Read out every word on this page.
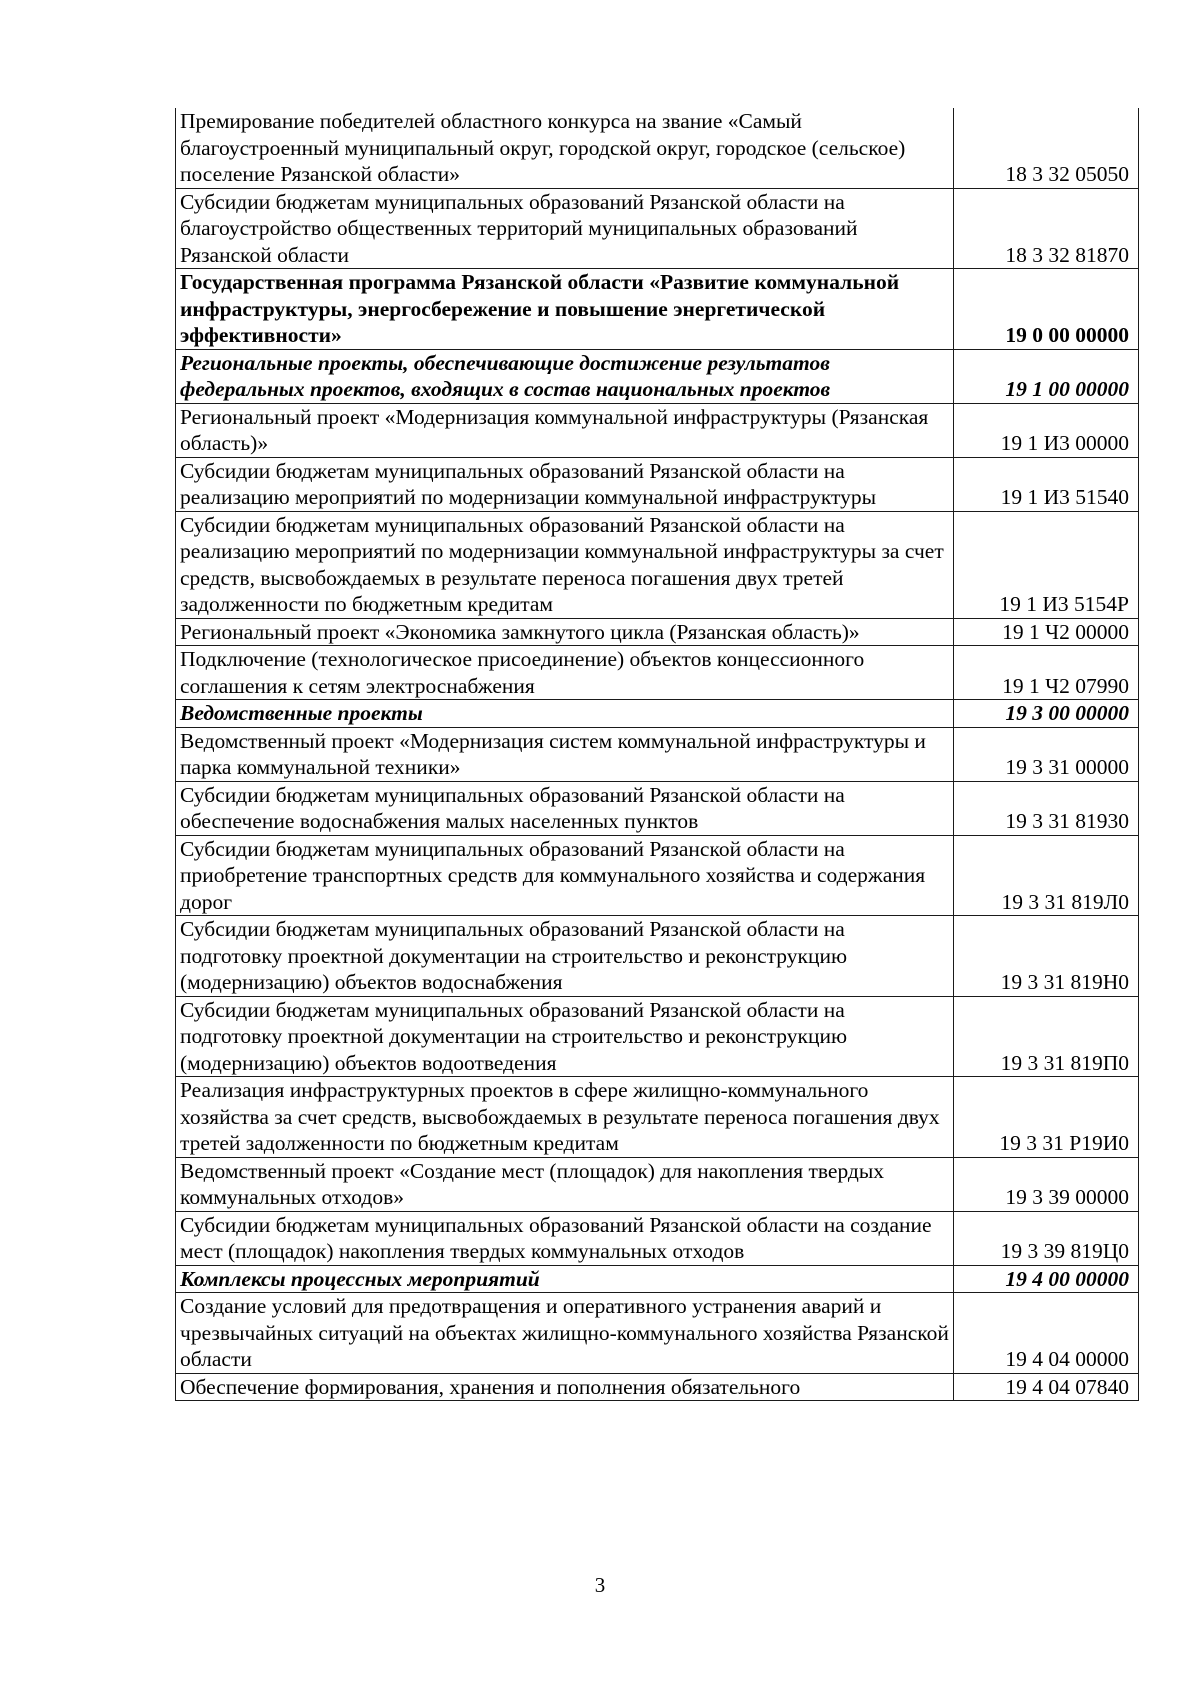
Премирование победителей областного конкурса на звание «Самый благоустроенный муниципальный округ, городской округ, городское (сельское) поселение Рязанской области»	18 3 32 05050
Субсидии бюджетам муниципальных образований Рязанской области на благоустройство общественных территорий муниципальных образований Рязанской области	18 3 32 81870
Государственная программа Рязанской области «Развитие коммунальной инфраструктуры, энергосбережение и повышение энергетической эффективности»	19 0 00 00000
Региональные проекты, обеспечивающие достижение результатов федеральных проектов, входящих в состав национальных проектов	19 1 00 00000
Региональный проект «Модернизация коммунальной инфраструктуры (Рязанская область)»	19 1 И3 00000
Субсидии бюджетам муниципальных образований Рязанской области на реализацию мероприятий по модернизации коммунальной инфраструктуры	19 1 И3 51540
Субсидии бюджетам муниципальных образований Рязанской области на реализацию мероприятий по модернизации коммунальной инфраструктуры за счет средств, высвобождаемых в результате переноса погашения двух третей задолженности по бюджетным кредитам	19 1 И3 5154Р
Региональный проект «Экономика замкнутого цикла (Рязанская область)»	19 1 Ч2 00000
Подключение (технологическое присоединение) объектов концессионного соглашения к сетям электроснабжения	19 1 Ч2 07990
Ведомственные проекты	19 3 00 00000
Ведомственный проект «Модернизация систем коммунальной инфраструктуры и парка коммунальной техники»	19 3 31 00000
Субсидии бюджетам муниципальных образований Рязанской области на обеспечение водоснабжения малых населенных пунктов	19 3 31 81930
Субсидии бюджетам муниципальных образований Рязанской области на приобретение транспортных средств для коммунального хозяйства и содержания дорог	19 3 31 819Л0
Субсидии бюджетам муниципальных образований Рязанской области на подготовку проектной документации на строительство и реконструкцию (модернизацию) объектов водоснабжения	19 3 31 819Н0
Субсидии бюджетам муниципальных образований Рязанской области на подготовку проектной документации на строительство и реконструкцию (модернизацию) объектов водоотведения	19 3 31 819П0
Реализация инфраструктурных проектов в сфере жилищно-коммунального хозяйства за счет средств, высвобождаемых в результате переноса погашения двух третей задолженности по бюджетным кредитам	19 3 31 Р19И0
Ведомственный проект «Создание мест (площадок) для накопления твердых коммунальных отходов»	19 3 39 00000
Субсидии бюджетам муниципальных образований Рязанской области на создание мест (площадок) накопления твердых коммунальных отходов	19 3 39 819Ц0
Комплексы процессных мероприятий	19 4 00 00000
Создание условий для предотвращения и оперативного устранения аварий и чрезвычайных ситуаций на объектах жилищно-коммунального хозяйства Рязанской области	19 4 04 00000
Обеспечение формирования, хранения и пополнения обязательного	19 4 04 07840
3
